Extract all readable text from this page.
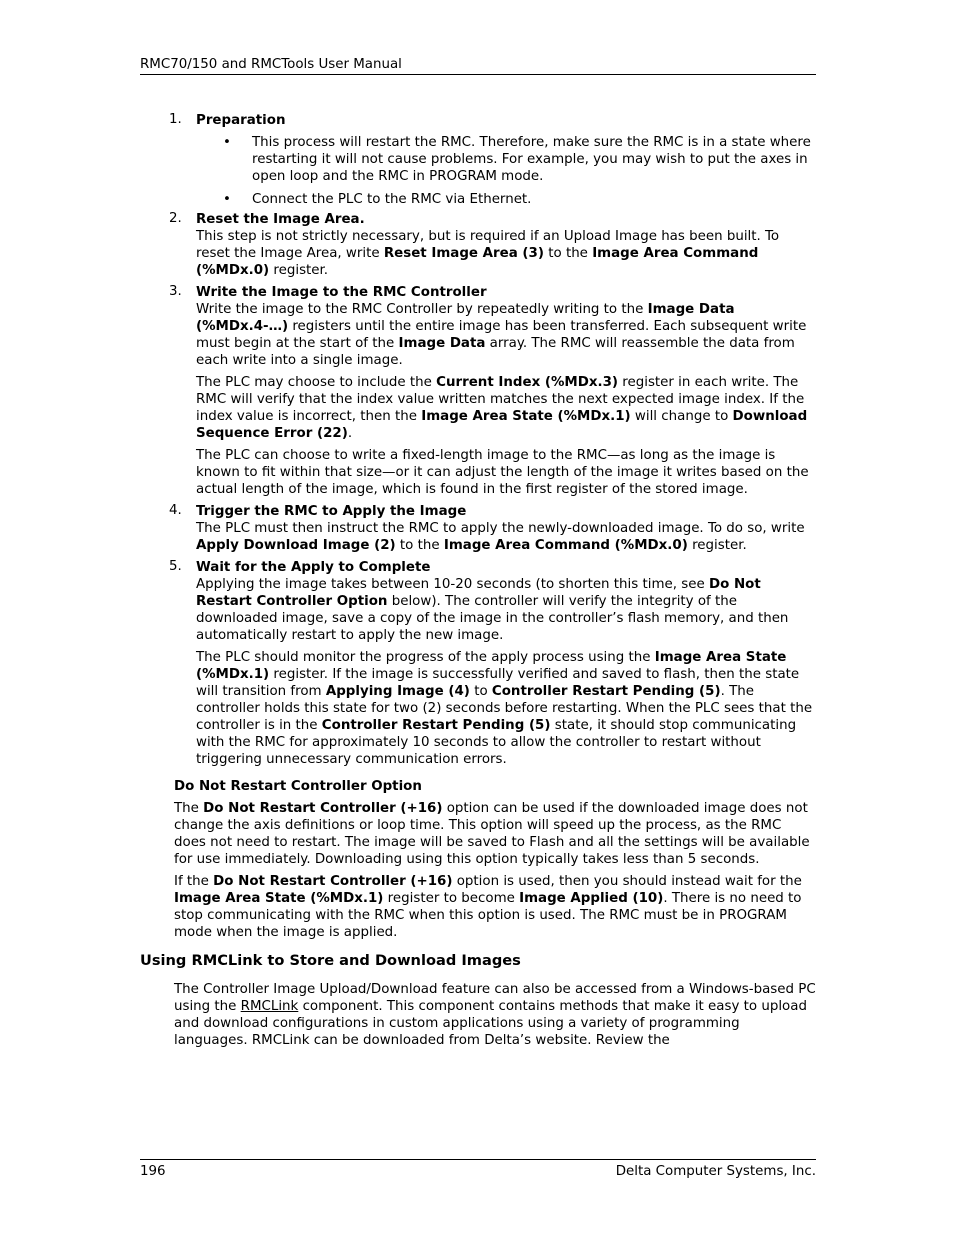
RMC70/150 and RMCTools User Manual
1. Preparation

• This process will restart the RMC. Therefore, make sure the RMC is in a state where restarting it will not cause problems. For example, you may wish to put the axes in open loop and the RMC in PROGRAM mode.
• Connect the PLC to the RMC via Ethernet.
2. Reset the Image Area.

This step is not strictly necessary, but is required if an Upload Image has been built. To reset the Image Area, write Reset Image Area (3) to the Image Area Command (%MDx.0) register.

3. Write the Image to the RMC Controller

Write the image to the RMC Controller by repeatedly writing to the Image Data (%MDx.4-…) registers until the entire image has been transferred. Each subsequent write must begin at the start of the Image Data array. The RMC will reassemble the data from each write into a single image.

The PLC may choose to include the Current Index (%MDx.3) register in each write. The RMC will verify that the index value written matches the next expected image index. If the index value is incorrect, then the Image Area State (%MDx.1) will change to Download Sequence Error (22).

The PLC can choose to write a fixed-length image to the RMC—as long as the image is known to fit within that size—or it can adjust the length of the image it writes based on the actual length of the image, which is found in the first register of the stored image.

4. Trigger the RMC to Apply the Image

The PLC must then instruct the RMC to apply the newly-downloaded image. To do so, write Apply Download Image (2) to the Image Area Command (%MDx.0) register.

5. Wait for the Apply to Complete

Applying the image takes between 10-20 seconds (to shorten this time, see Do Not Restart Controller Option below). The controller will verify the integrity of the downloaded image, save a copy of the image in the controller’s flash memory, and then automatically restart to apply the new image.

The PLC should monitor the progress of the apply process using the Image Area State (%MDx.1) register. If the image is successfully verified and saved to flash, then the state will transition from Applying Image (4) to Controller Restart Pending (5). The controller holds this state for two (2) seconds before restarting. When the PLC sees that the controller is in the Controller Restart Pending (5) state, it should stop communicating with the RMC for approximately 10 seconds to allow the controller to restart without triggering unnecessary communication errors.

Do Not Restart Controller Option

The Do Not Restart Controller (+16) option can be used if the downloaded image does not change the axis definitions or loop time. This option will speed up the process, as the RMC does not need to restart. The image will be saved to Flash and all the settings will be available for use immediately. Downloading using this option typically takes less than 5 seconds.

If the Do Not Restart Controller (+16) option is used, then you should instead wait for the Image Area State (%MDx.1) register to become Image Applied (10). There is no need to stop communicating with the RMC when this option is used. The RMC must be in PROGRAM mode when the image is applied.

Using RMCLink to Store and Download Images

The Controller Image Upload/Download feature can also be accessed from a Windows-based PC using the RMCLink component. This component contains methods that make it easy to upload and download configurations in custom applications using a variety of programming languages. RMCLink can be downloaded from Delta’s website. Review the

196	Delta Computer Systems, Inc.
